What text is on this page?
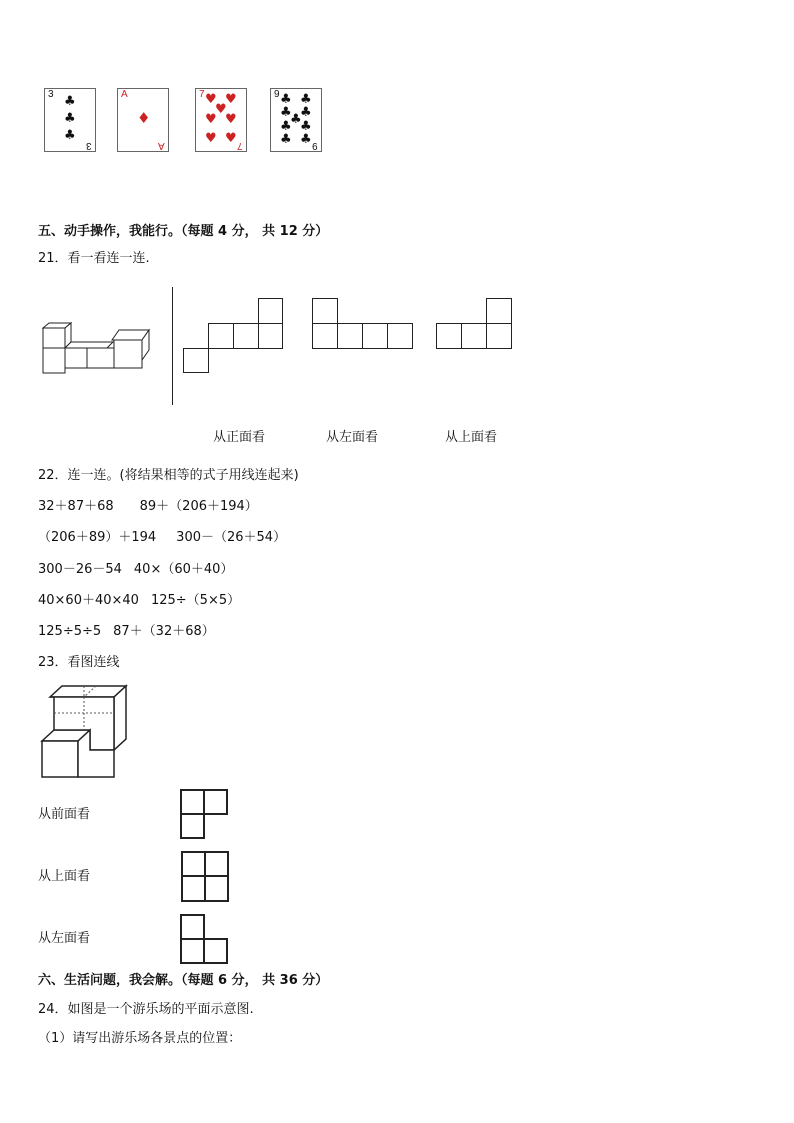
3 ♣
♣
♣
3
A
♦
A
7 ♥ ♥
♥
♥ ♥
♥ ♥ 7
9 ♣ ♣
♣ ♣
♣
♣ ♣
♣ ♣ 9
五、动手操作，我能行。（每题 4 分， 共 12 分）
21．看一看连一连.
从正面看	从左面看	从上面看
22．连一连。(将结果相等的式子用线连起来)
32＋87＋68 89＋（206＋194）
（206＋89）＋194 300－（26＋54）
300－26－54 40×（60＋40）
40×60＋40×40 125÷（5×5）
125÷5÷5 87＋（32＋68）
23．看图连线
从前面看
从上面看
从左面看
六、生活问题，我会解。（每题 6 分， 共 36 分）
24．如图是一个游乐场的平面示意图.
（1）请写出游乐场各景点的位置：
